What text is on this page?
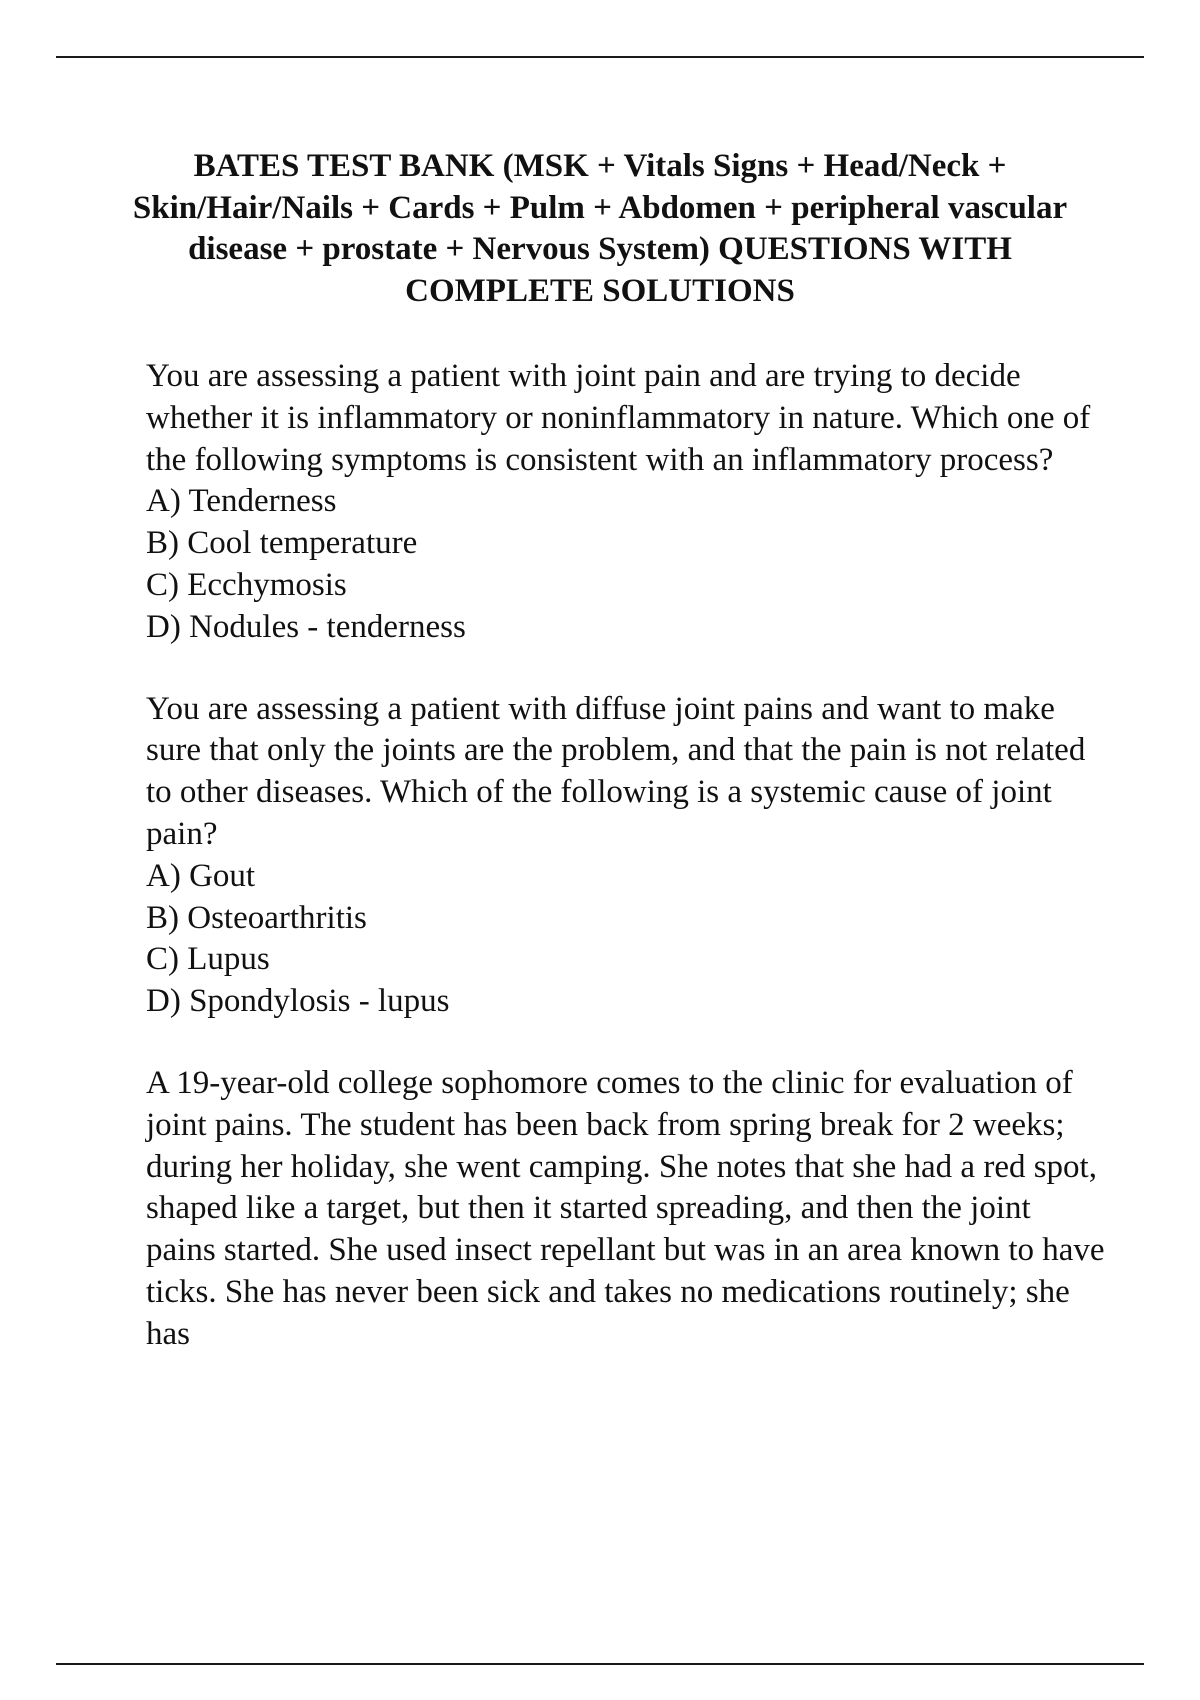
BATES TEST BANK (MSK + Vitals Signs + Head/Neck + Skin/Hair/Nails + Cards + Pulm + Abdomen + peripheral vascular disease + prostate + Nervous System) QUESTIONS WITH COMPLETE SOLUTIONS

You are assessing a patient with joint pain and are trying to decide whether it is inflammatory or noninflammatory in nature. Which one of the following symptoms is consistent with an inflammatory process?

A) Tenderness
B) Cool temperature
C) Ecchymosis
D) Nodules - tenderness

You are assessing a patient with diffuse joint pains and want to make sure that only the joints are the problem, and that the pain is not related to other diseases. Which of the following is a systemic cause of joint pain?

A) Gout
B) Osteoarthritis
C) Lupus
D) Spondylosis - lupus

A 19-year-old college sophomore comes to the clinic for evaluation of joint pains. The student has been back from spring break for 2 weeks; during her holiday, she went camping. She notes that she had a red spot, shaped like a target, but then it started spreading, and then the joint pains started. She used insect repellant but was in an area known to have ticks. She has never been sick and takes no medications routinely; she has
